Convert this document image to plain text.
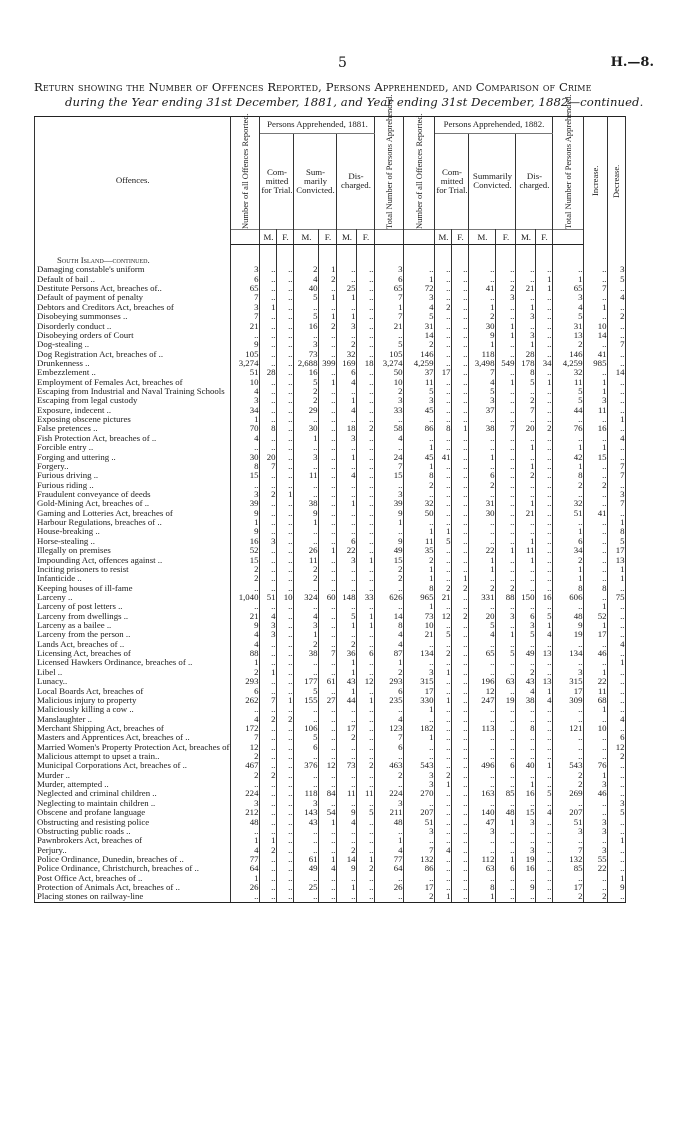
5	H.—8.
Return showing the Number of Offences Reported, Persons Apprehended, and Comparison of Crime
during the Year ending 31st December, 1881, and Year ending 31st December, 1882—continued.
Offences.	Number of all Offences Reported.	Persons Apprehended, 1881.						Total Number of Persons Apprehended.	Number of all Offences Reported.	Persons Apprehended, 1882.						Total Number of Persons Apprehended.	Increase.	Decrease.

		Com-mitted for Trial.		Sum-marily Convicted.		Dis-charged.				Com-mitted for Trial.		Summarily Convicted.		Dis-charged.				
		M.	F.	M.	F.	M.	F.			M.	F.	M.	F.	M.	F.			
South Island—continued.																		
Damaging constable's uniform	3	..	..	2	1	..	..	3	..	..	..	..	..	..	..	..	..	3
Default of bail ..	6	..	..	4	2	..	..	6	1	..	..	..	..	..	1	1	..	5
Destitute Persons Act, breaches of..	65	..	..	40	..	25	..	65	72	..	..	41	2	21	1	65	7	..
Default of payment of penalty	7	..	..	5	1	1	..	7	3	..	..	..	3	..	..	3	..	4
Debtors and Creditors Act, breaches of	3	1	..	..	..	..	..	1	4	2	..	1	..	1	..	4	1	..
Disobeying summonses ..	7	..	..	5	1	1	..	7	5	..	..	2	..	3	..	5	..	2
Disorderly conduct ..	21	..	..	16	2	3	..	21	31	..	..	30	1	..	..	31	10	..
Disobeying orders of Court	..	..	..	..	..	..	..	..	14	..	..	9	1	3	..	13	14	..
Dog-stealing ..	9	..	..	3	..	2	..	5	2	..	..	1	..	1	..	2	..	7
Dog Registration Act, breaches of ..	105	..	..	73	..	32	..	105	146	..	..	118	..	28	..	146	41	..
Drunkenness ..	3,274	..	..	2,688	399	169	18	3,274	4,259	..	..	3,498	549	178	34	4,259	985	..
Embezzlement ..	51	28	..	16	..	6	..	50	37	17	..	7	..	8	..	32	..	14
Employment of Females Act, breaches of	10	..	..	5	1	4	..	10	11	..	..	4	1	5	1	11	1	..
Escaping from Industrial and Naval Training Schools	4	..	..	2	..	..	..	2	5	..	..	5	..	..	..	5	1	..
Escaping from legal custody	3	..	..	2	..	1	..	3	3	..	..	3	..	2	..	5	3	..
Exposure, indecent ..	34	..	..	29	..	4	..	33	45	..	..	37	..	7	..	44	11	..
Exposing obscene pictures	1	..	..	..	..	..	..	..	..	..	..	..	..	..	..	..	..	1
False pretences ..	70	8	..	30	..	18	2	58	86	8	1	38	7	20	2	76	16	..
Fish Protection Act, breaches of ..	4	..	..	1	..	3	..	4	..	..	..	..	..	..	..	..	..	4
Forcible entry ..	..	..	..	..	..	..	..	..	1	..	..	..	..	1	..	1	1	..
Forging and uttering ..	30	20	..	3	..	1	..	24	45	41	..	1	..	..	..	42	15	..
Forgery..	8	7	..	..	..	..	..	7	1	..	..	..	..	1	..	1	..	7
Furious driving ..	15	..	..	11	..	4	..	15	8	..	..	6	..	2	..	8	..	7
Furious riding ..	..	..	..	..	..	..	..	..	2	..	..	2	..	..	..	2	2	..
Fraudulent conveyance of deeds	3	2	1	..	..	..	..	3	..	..	..	..	..	..	..	..	..	3
Gold-Mining Act, breaches of ..	39	..	..	38	..	1	..	39	32	..	..	31	..	1	..	32	..	7
Gaming and Lotteries Act, breaches of	9	..	..	9	..	..	..	9	50	..	..	30	..	21	..	51	41	..
Harbour Regulations, breaches of ..	1	..	..	1	..	..	..	1	..	..	..	..	..	..	..	..	..	1
House-breaking ..	9	..	..	..	..	..	..	..	1	1	..	..	..	..	..	1	..	8
Horse-stealing ..	16	3	..	..	..	6	..	9	11	5	..	..	..	1	..	6	..	5
Illegally on premises	52	..	..	26	1	22	..	49	35	..	..	22	1	11	..	34	..	17
Impounding Act, offences against ..	15	..	..	11	..	3	1	15	2	..	..	1	..	1	..	2	..	13
Inciting prisoners to resist	2	..	..	2	..	..	..	2	1	..	..	1	..	..	..	1	..	1
Infanticide ..	2	..	..	2	..	..	..	2	1	..	1	..	..	..	..	1	..	1
Keeping houses of ill-fame	..	..	..	..	..	..	..	..	8	2	2	2	2	..	..	8	8	..
Larceny ..	1,040	51	10	324	60	148	33	626	965	21	..	331	88	150	16	606	..	75
Larceny of post letters ..	..	..	..	..	..	..	..	..	1	..	..	..	..	..	..	..	1	..
Larceny from dwellings ..	21	4	..	4	..	5	1	14	73	12	2	20	3	6	5	48	52	..
Larceny as a bailee ..	9	3	..	3	..	1	1	8	10	..	..	5	..	3	1	9	1	..
Larceny from the person ..	4	3	..	1	..	..	..	4	21	5	..	4	1	5	4	19	17	..
Lands Act, breaches of ..	4	..	..	2	..	2	..	4	..	..	..	..	..	..	..	..	..	4
Licensing Act, breaches of	88	..	..	38	7	36	6	87	134	2	..	65	5	49	13	134	46	..
Licensed Hawkers Ordinance, breaches of ..	1	..	..	..	..	1	..	1	..	..	..	..	..	..	..	..	..	1
Libel ..	2	1	..	..	..	1	..	2	3	1	..	..	..	2	..	3	1	..
Lunacy..	293	..	..	177	61	43	12	293	315	..	..	196	63	43	13	315	22	..
Local Boards Act, breaches of	6	..	..	5	..	1	..	6	17	..	..	12	..	4	1	17	11	..
Malicious injury to property	262	7	1	155	27	44	1	235	330	1	..	247	19	38	4	309	68	..
Maliciously killing a cow ..	..	..	..	..	..	..	..	..	1	..	..	..	..	..	..	..	1	..
Manslaughter ..	4	2	2	..	..	..	..	4	..	..	..	..	..	..	..	..	..	4
Merchant Shipping Act, breaches of	172	..	..	106	..	17	..	123	182	..	..	113	..	8	..	121	10	..
Masters and Apprentices Act, breaches of ..	7	..	..	5	..	2	..	7	1	..	..	..	..	..	..	..	..	6
Married Women's Property Protection Act, breaches of	12	..	..	6	..	..	..	6	..	..	..	..	..	..	..	..	..	12
Malicious attempt to upset a train..	2	..	..	..	..	..	..	..	..	..	..	..	..	..	..	..	..	2
Municipal Corporations Act, breaches of ..	467	..	..	376	12	73	2	463	543	..	..	496	6	40	1	543	76	..
Murder ..	2	2	..	..	..	..	..	2	3	2	..	..	..	..	..	2	1	..
Murder, attempted ..	..	..	..	..	..	..	..	..	3	1	..	..	..	1	..	2	3	..
Neglected and criminal children ..	224	..	..	118	84	11	11	224	270	..	..	163	85	16	5	269	46	..
Neglecting to maintain children ..	3	..	..	3	..	..	..	3	..	..	..	..	..	..	..	..	..	3
Obscene and profane language	212	..	..	143	54	9	5	211	207	..	..	140	48	15	4	207	..	5
Obstructing and resisting police	48	..	..	43	1	4	..	48	51	..	..	47	1	3	..	51	3	..
Obstructing public roads ..	..	..	..	..	..	..	..	..	3	..	..	3	..	..	..	3	3	..
Pawnbrokers Act, breaches of	1	1	..	..	..	..	..	1	..	..	..	..	..	..	..	..	..	1
Perjury..	4	2	..	..	..	2	..	4	7	4	..	..	..	3	..	7	3	..
Police Ordinance, Dunedin, breaches of ..	77	..	..	61	1	14	1	77	132	..	..	112	1	19	..	132	55	..
Police Ordinance, Christchurch, breaches of ..	64	..	..	49	4	9	2	64	86	..	..	63	6	16	..	85	22	..
Post Office Act, breaches of ..	1	..	..	..	..	..	..	..	..	..	..	..	..	..	..	..	..	1
Protection of Animals Act, breaches of ..	26	..	..	25	..	1	..	26	17	..	..	8	..	9	..	17	..	9
Placing stones on railway-line	..	..	..	..	..	..	..	..	2	1	..	1	..	..	..	2	2	..
